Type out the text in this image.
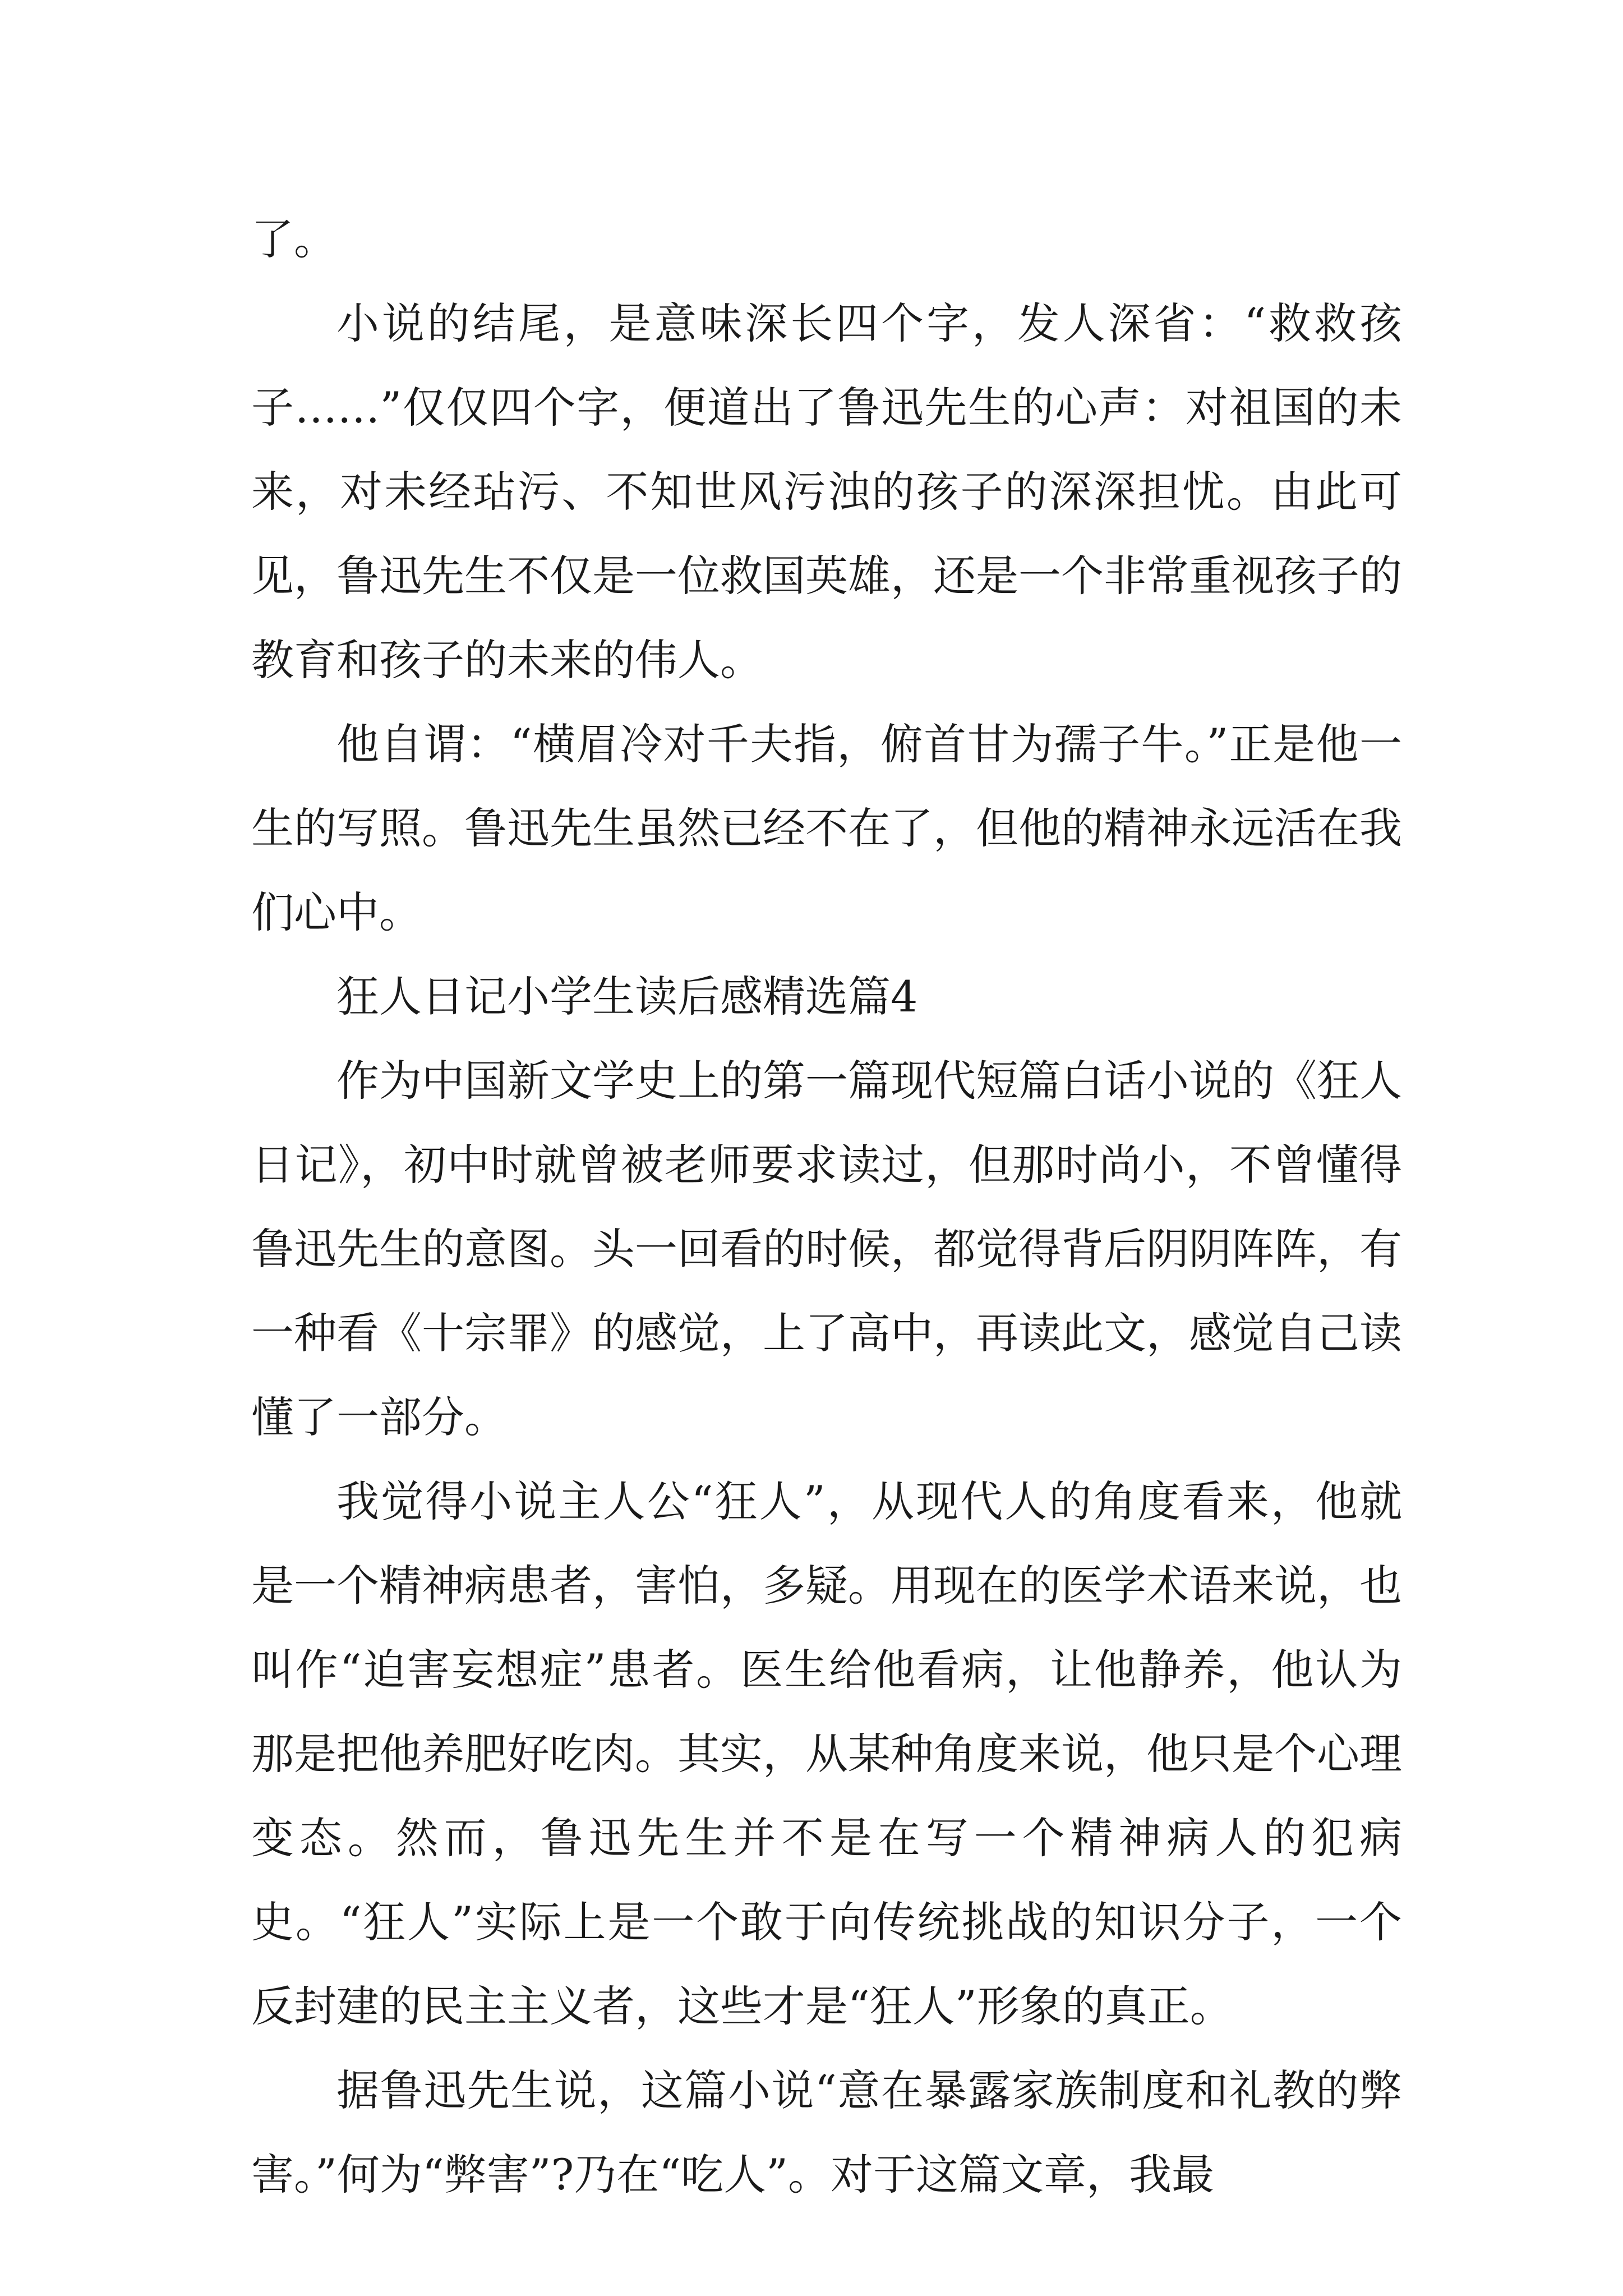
了。

小说的结尾，是意味深长四个字，发人深省：“救救孩子……”仅仅四个字，便道出了鲁迅先生的心声：对祖国的未来，对未经玷污、不知世风污浊的孩子的深深担忧。由此可见，鲁迅先生不仅是一位救国英雄，还是一个非常重视孩子的教育和孩子的未来的伟人。

他自谓：“横眉冷对千夫指，俯首甘为孺子牛。”正是他一生的写照。鲁迅先生虽然已经不在了，但他的精神永远活在我们心中。

狂人日记小学生读后感精选篇4

作为中国新文学史上的第一篇现代短篇白话小说的《狂人日记》，初中时就曾被老师要求读过，但那时尚小，不曾懂得鲁迅先生的意图。头一回看的时候，都觉得背后阴阴阵阵，有一种看《十宗罪》的感觉，上了高中，再读此文，感觉自己读懂了一部分。

我觉得小说主人公“狂人”，从现代人的角度看来，他就是一个精神病患者，害怕，多疑。用现在的医学术语来说，也叫作“迫害妄想症”患者。医生给他看病，让他静养，他认为那是把他养肥好吃肉。其实，从某种角度来说，他只是个心理变态。然而，鲁迅先生并不是在写一个精神病人的犯病史。“狂人”实际上是一个敢于向传统挑战的知识分子，一个反封建的民主主义者，这些才是“狂人”形象的真正。

据鲁迅先生说，这篇小说“意在暴露家族制度和礼教的弊害。”何为“弊害”?乃在“吃人”。对于这篇文章，我最
